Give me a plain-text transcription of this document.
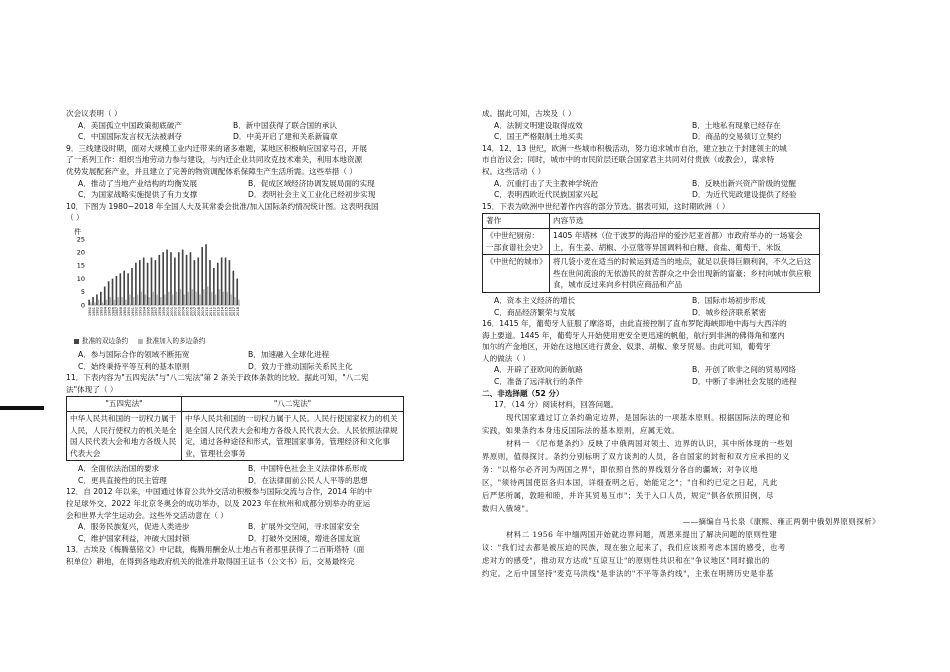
次会议表明（ ）
A．美国孤立中国政策彻底破产	B．新中国获得了联合国的承认
C．中国国际发言权无法被剥夺	D．中美开启了建和关系新篇章
9．三线建设时期，面对大规模工业内迁带来的诸多难题，某地区积极响应国家号召，开展
了一系列工作：组织当地劳动力参与建设，与内迁企业共同攻克技术难关，利用本地资源
优势发展配套产业，并且建立了完善的物资调配体系保障生产生活所需。这些举措（ ）
A．推动了当地产业结构的均衡发展	B．促成区域经济协调发展局面的实现
C．为国家战略实施提供了有力支撑	D．表明社会主义工业化已经初步实现
10．下图为 1980~2018 年全国人大及其常委会批准/加入国际条约情况统计图。这表明我国
（ ）
件
0
5
10
15
20
25
1980 1981 1982 1983 1984 1985 1986 1987 1988 1989 1990 1991 1992 1993 1994 1995 1996 1997 1998 1999 2000 2001 2002 2003 2004 2005 2006 2007 2008 2009 2010 2011 2012 2013 2014 2015 2016 2017 2018
批准的双边条约	批准加入的多边条约
A．参与国际合作的领域不断拓宽	B．加速融入全球化进程
C．始终秉持平等互利的基本原则	D．致力于推动国际关系民主化
11．下表内容为"五四宪法"与"八二宪法"第 2 条关于政体条款的比较。据此可知，"八二宪
法"体现了（ ）
"五四宪法"	"八二宪法"
中华人民共和国的一切权力属于人民，人民行使权力的机关是全国人民代表大会和地方各级人民代表大会	中华人民共和国的一切权力属于人民。人民行使国家权力的机关是全国人民代表大会和地方各级人民代表大会。人民依照法律规定，通过各种途径和形式，管理国家事务，管理经济和文化事业，管理社会事务
A．全面依法治国的要求	B．中国特色社会主义法律体系形成
C．更具直接性的民主管理	D．在法律面前公民人人平等的思想
12．自 2012 年以来，中国通过体育公共外交活动积极参与国际交流与合作，2014 年的中
拉足球外交、2022 年北京冬奥会的成功举办，以及 2023 年在杭州和成都分别举办的亚运
会和世界大学生运动会。这些外交活动意在（ ）
A．服务民族复兴，促进人类进步	B．扩展外交空间，寻求国家安全
C．维护国家利益，冲破大国封锁	D．打破外交困境，增进各国友谊
13．古埃及《梅腾墓铭文》中记载，梅腾用酬金从土地占有者那里获得了二百斯塔特（面
积单位）耕地，在得到各地政府机关的批准并取得国王证书（公文书）后，交易最终完
成。据此可知，古埃及（ ）
A．法制文明建设取得成效	B．土地私有现象已经存在
C．国王严格限制土地买卖	D．商品的交易须订立契约
14．12、13 世纪，欧洲一些城市积极活动，努力追求城市自治，建立独立于封建领主的城
市自治议会；同时，城市中的市民阶层还联合国家君主共同对付贵族（或教会），谋求特
权。这些活动（ ）
A．沉重打击了天主教神学统治	B．反映出新兴资产阶级的觉醒
C．表明西欧近代民族国家兴起	D．为近代宪政建设提供了经验
15．下表为欧洲中世纪著作内容的部分节选。据表可知，这时期欧洲（ ）
著作	内容节选
《中世纪厨房：一部食谱社会史》	1405 年塔林（位于波罗的海沿岸的爱沙尼亚首都）市政府举办的一场宴会上，有生姜、胡椒、小豆蔻等异国调料和白糖、食盐、葡萄干、米饭
《中世纪的城市》	将几袋小麦在适当的时候运到适当的地点，就足以获得巨额利润，不久之后这些在世间流浪的无依游民的贫苦群众之中会出现新的富豪；乡村向城市供应粮食，城市反过来向乡村供应商品和产品
A．资本主义经济的增长	B．国际市场初步形成
C．商品经济繁荣与发展	D．城乡经济联系紧密
16．1415 年，葡萄牙人征服了摩洛哥，由此直接控制了直布罗陀海峡即地中海与大西洋的
海上要道。1445 年，葡萄牙人开始使用更安全更迅速的帆船，航行到非洲的佛得角和塞内
加尔的产金地区，开始在这地区进行黄金、奴隶、胡椒、象牙贸易。由此可知，葡萄牙
人的做法（ ）
A．开辟了亚欧间的新航路	B．开创了欧非之间的贸易网络
C．准备了远洋航行的条件	D．中断了非洲社会发展的进程
二、非选择题（52 分）
17．（14 分）阅读材料，回答问题。
现代国家通过订立条约确定边界，是国际法的一项基本原则。根据国际法的理论和
实践，如果条约本身违反国际法的基本原则，应属无效。
材料一 《尼布楚条约》反映了中俄两国对领土、边界的认识，其中所体现的一些划
界原则，值得探讨。条约分别标明了双方谈判的人员，各自国家的封衔和双方应承担的义
务："以格尔必齐河为两国之界"，即依照自然的界线划分各自的疆域；对争议地
区，"须待两国使臣各归本国，详细查明之后，始能定之"；"自和约已定之日起，凡此
后严惩所属，敦睦和睦，并许其贸易互市"；关于入口人员，规定"俱各依照旧例，尽
数归入俄境"。
——摘编自马长泉《康熙、雍正两朝中俄划界原则探析》
材料二 1956 年中缅两国开始就边界问题，周恩来提出了解决问题的原则性建
议："我们过去都是被压迫的民族，现在独立起来了，我们应该照考虑本国的感受，也考
虑对方的感受"，推动双方达成"互谅互让"的原则性共识和在"争议地区"同时撤出的
约定。之后中国坚持"麦克马洪线"是非法的"不平等条约线"，主张在明辨历史是非基
